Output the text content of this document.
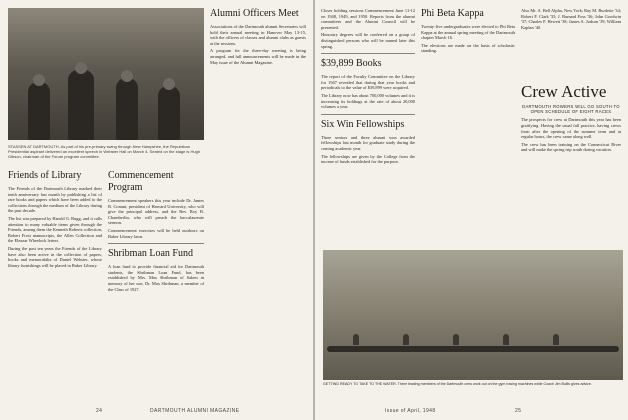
STASSEN AT DARTMOUTH. As part of his pre-primary swing through New Hampshire, the Republican Presidential aspirant delivered an excellent speech in Webster Hall on March 4. Seated on the stage is Hugh Gibson, chairman of the Forum program committee.
Friends of Library

The Friends of the Dartmouth Library marked their tenth anniversary last month by publishing a list of rare books and papers which have been added to the collections through the medium of the Library during the past decade.

The list was prepared by Harold G. Rugg, and it calls attention to many valuable items given through the Friends, among them the Kenneth Roberts collection, Robert Frost manuscripts, the Allen Collection and the Eleazar Wheelock letters.

During the past ten years the Friends of the Library have also been active in the collection of papers, books and memorabilia of Daniel Webster, whose library furnishings will be placed in Baker Library.

Commencement Program

Commencement speakers this year include Dr. James B. Conant, president of Harvard University, who will give the principal address, and the Rev. Roy B. Chamberlin, who will preach the baccalaureate sermon.

Commencement exercises will be held outdoors on Baker Library lawn.

Shribman Loan Fund

A loan fund to provide financial aid for Dartmouth students, the Shribman Loan Fund, has been established by Mrs. Max Shribman of Salem in memory of her son, Dr. Max Shribman, a member of the Class of 1927.

Alumni Officers Meet

Associations of the Dartmouth alumni Secretaries will hold their annual meeting in Hanover May 13-15, with the officers of classes and alumni clubs as guests at the sessions.

A program for the three-day meeting is being arranged, and full announcements will be made in the May issue of the Alumni Magazine.

24	DARTMOUTH ALUMNI MAGAZINE

Closer holding sessions Commencement June 11-12 on 1948, 1949, and 1950. Reports from the alumni committees and the Alumni Council will be presented.

Honorary degrees will be conferred on a group of distinguished persons who will be named later this spring.

$39,899 Books

The report of the Faculty Committee on the Library for 1947 revealed that during that year books and periodicals to the value of $39,899 were acquired.

The Library now has about 700,000 volumes and it is increasing its holdings at the rate of about 20,000 volumes a year.

Six Win Fellowships

Three seniors and three alumni won awarded fellowships last month for graduate study during the coming academic year.

The fellowships are given by the College from the income of funds established for the purpose.

Phi Beta Kappa

Twenty-five undergraduates were elected to Phi Beta Kappa at the annual spring meeting of the Dartmouth chapter March 16.

The elections are made on the basis of scholastic standing.

Also Mr. A. Bell Alpha, New York; Ray M. Burdette '34; Robert F. Clark '35; J. Barnard Foss '36; John Goodwin '37; Charles F. Hewett '38; James A. Judson '39; William Kaplan '40.

Crew Active
DARTMOUTH ROWERS WILL GO SOUTH TO OPEN SCHEDULE OF EIGHT RACES

The prospects for crew at Dartmouth this year has been gratifying. Having the usual fall practice, having crews from after the opening of the summer term and at regular hours, the crew came along well.

The crew has been training on the Connecticut River and will make the spring trip south during vacation.

GETTING READY TO TAKE TO THE WATER. Three leading members of the Dartmouth crew work out on the gym rowing machines while Coach Jim Bullis gives advice.
Issue of April, 1948	25
